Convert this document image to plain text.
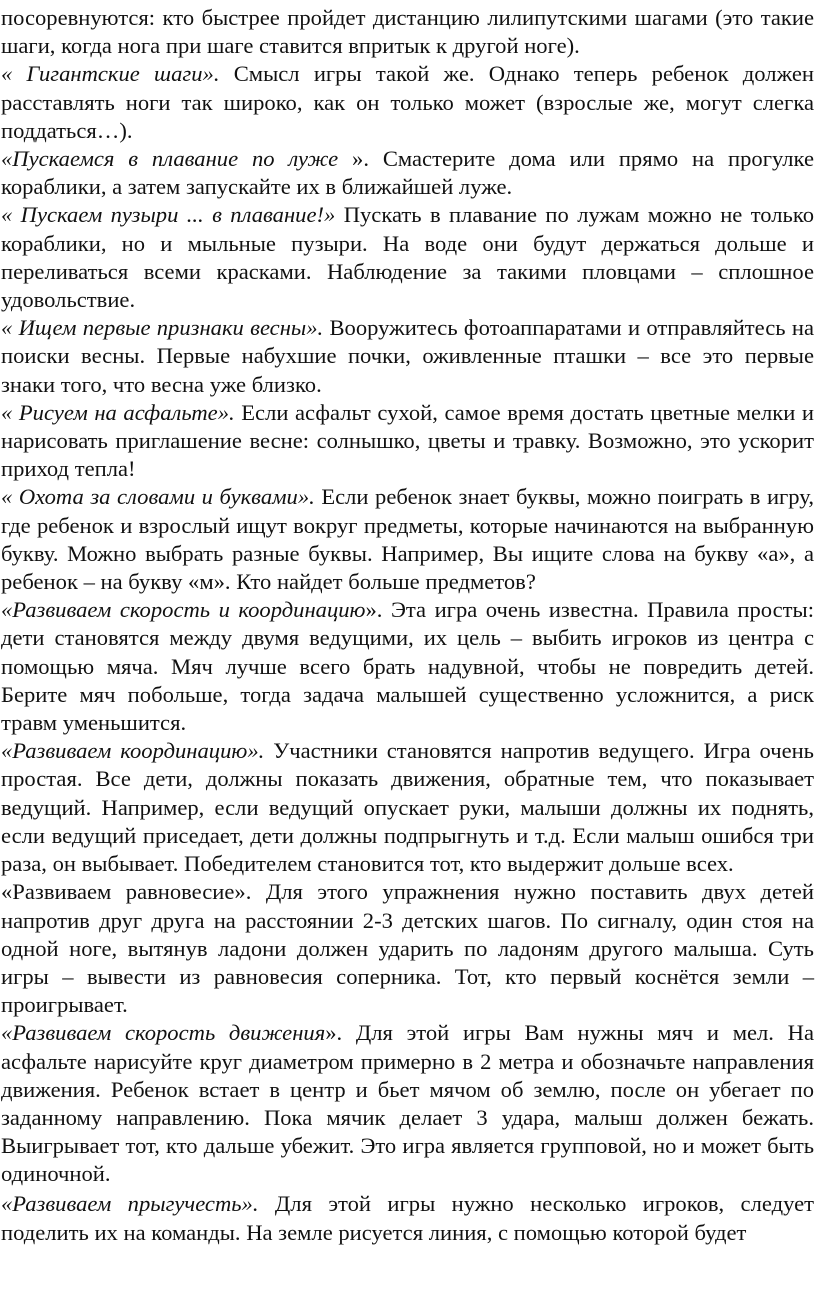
посоревнуются: кто быстрее пройдет дистанцию лилипутскими шагами (это такие шаги, когда нога при шаге ставится впритык к другой ноге).

« Гигантские шаги». Смысл игры такой же. Однако теперь ребенок должен расставлять ноги так широко, как он только может (взрослые же, могут слегка поддаться…).

«Пускаемся в плавание по луже ». Смастерите дома или прямо на прогулке кораблики, а затем запускайте их в ближайшей луже.

« Пускаем пузыри ... в плавание!» Пускать в плавание по лужам можно не только кораблики, но и мыльные пузыри. На воде они будут держаться дольше и переливаться всеми красками. Наблюдение за такими пловцами – сплошное удовольствие.

« Ищем первые признаки весны». Вооружитесь фотоаппаратами и отправляйтесь на поиски весны. Первые набухшие почки, оживленные пташки – все это первые знаки того, что весна уже близко.

« Рисуем на асфальте». Если асфальт сухой, самое время достать цветные мелки и нарисовать приглашение весне: солнышко, цветы и травку. Возможно, это ускорит приход тепла!

« Охота за словами и буквами». Если ребенок знает буквы, можно поиграть в игру, где ребенок и взрослый ищут вокруг предметы, которые начинаются на выбранную букву. Можно выбрать разные буквы. Например, Вы ищите слова на букву «а», а ребенок – на букву «м». Кто найдет больше предметов?

«Развиваем скорость и координацию». Эта игра очень известна. Правила просты: дети становятся между двумя ведущими, их цель – выбить игроков из центра с помощью мяча. Мяч лучше всего брать надувной, чтобы не повредить детей. Берите мяч побольше, тогда задача малышей существенно усложнится, а риск травм уменьшится.

«Развиваем координацию». Участники становятся напротив ведущего. Игра очень простая. Все дети, должны показать движения, обратные тем, что показывает ведущий. Например, если ведущий опускает руки, малыши должны их поднять, если ведущий приседает, дети должны подпрыгнуть и т.д. Если малыш ошибся три раза, он выбывает. Победителем становится тот, кто выдержит дольше всех.

«Развиваем равновесие». Для этого упражнения нужно поставить двух детей напротив друг друга на расстоянии 2-3 детских шагов. По сигналу, один стоя на одной ноге, вытянув ладони должен ударить по ладоням другого малыша. Суть игры – вывести из равновесия соперника. Тот, кто первый коснётся земли – проигрывает.

«Развиваем скорость движения». Для этой игры Вам нужны мяч и мел. На асфальте нарисуйте круг диаметром примерно в 2 метра и обозначьте направления движения. Ребенок встает в центр и бьет мячом об землю, после он убегает по заданному направлению. Пока мячик делает 3 удара, малыш должен бежать. Выигрывает тот, кто дальше убежит. Это игра является групповой, но и может быть одиночной.

«Развиваем прыгучесть». Для этой игры нужно несколько игроков, следует поделить их на команды. На земле рисуется линия, с помощью которой будет
